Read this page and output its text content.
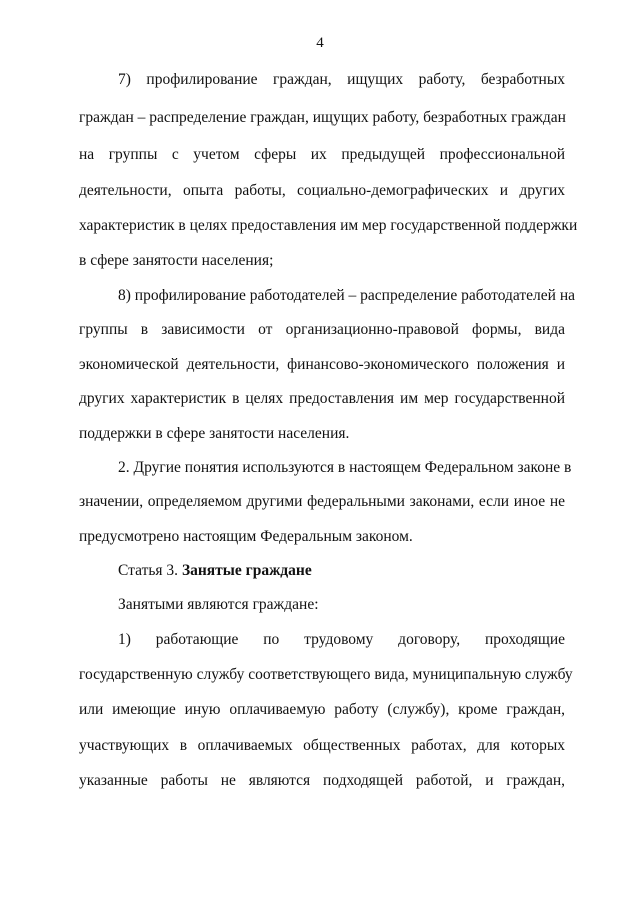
4
7) профилирование граждан, ищущих работу, безработных
граждан – распределение граждан, ищущих работу, безработных граждан
на группы с учетом сферы их предыдущей профессиональной
деятельности, опыта работы, социально-демографических и других
характеристик в целях предоставления им мер государственной поддержки
в сфере занятости населения;
8) профилирование работодателей – распределение работодателей на
группы в зависимости от организационно-правовой формы, вида
экономической деятельности, финансово-экономического положения и
других характеристик в целях предоставления им мер государственной
поддержки в сфере занятости населения.
2. Другие понятия используются в настоящем Федеральном законе в
значении, определяемом другими федеральными законами, если иное не
предусмотрено настоящим Федеральным законом.
Статья 3. Занятые граждане
Занятыми являются граждане:
1) работающие по трудовому договору, проходящие
государственную службу соответствующего вида, муниципальную службу
или имеющие иную оплачиваемую работу (службу), кроме граждан,
участвующих в оплачиваемых общественных работах, для которых
указанные работы не являются подходящей работой, и граждан,
